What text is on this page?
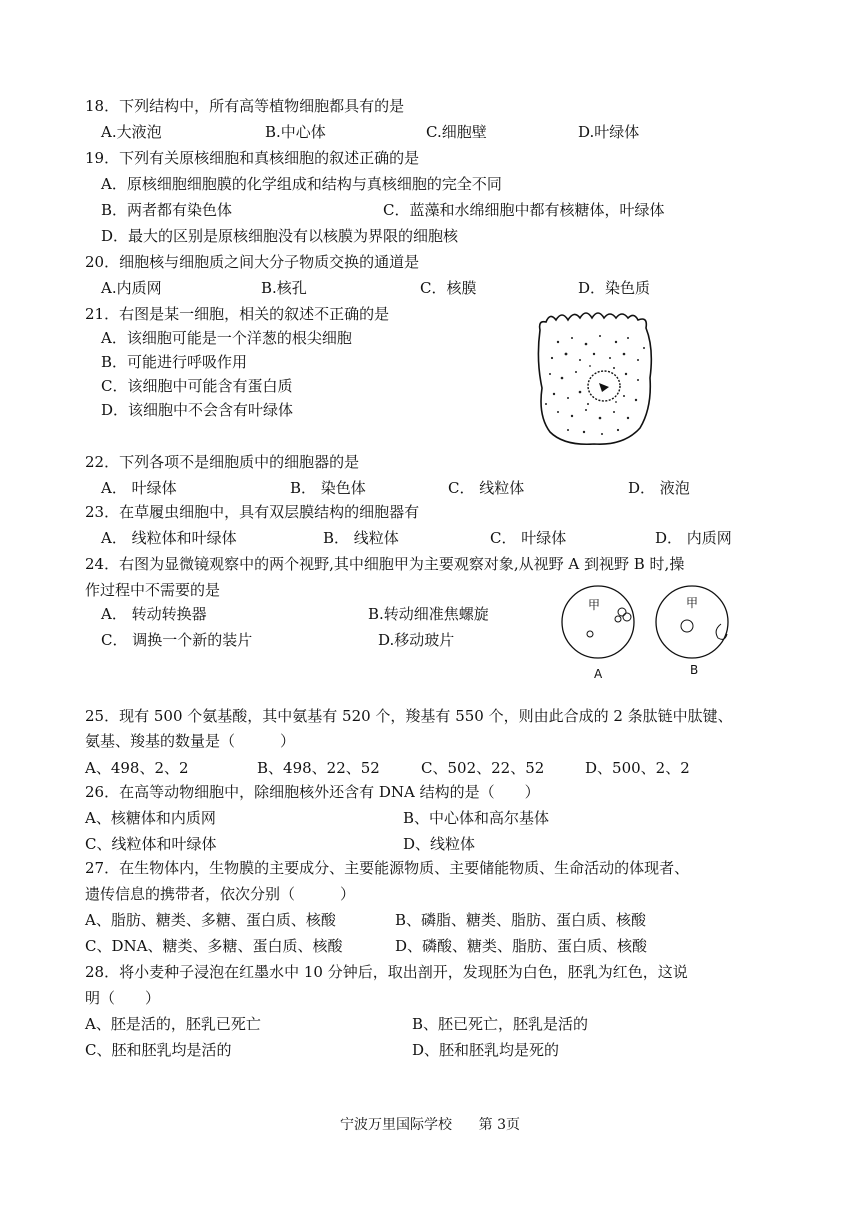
18．下列结构中，所有高等植物细胞都具有的是
A.大液泡	B.中心体	C.细胞壁	D.叶绿体
19．下列有关原核细胞和真核细胞的叙述正确的是
A．原核细胞细胞膜的化学组成和结构与真核细胞的完全不同
B．两者都有染色体	C．蓝藻和水绵细胞中都有核糖体，叶绿体
D．最大的区别是原核细胞没有以核膜为界限的细胞核
20．细胞核与细胞质之间大分子物质交换的通道是
A.内质网	B.核孔	C．核膜	D．染色质
21．右图是某一细胞，相关的叙述不正确的是
A．该细胞可能是一个洋葱的根尖细胞
B．可能进行呼吸作用
C．该细胞中可能含有蛋白质
D．该细胞中不会含有叶绿体
22．下列各项不是细胞质中的细胞器的是
A． 叶绿体	B． 染色体	C． 线粒体	D． 液泡
23．在草履虫细胞中，具有双层膜结构的细胞器有
A． 线粒体和叶绿体	B． 线粒体	C． 叶绿体	D． 内质网
24．右图为显微镜观察中的两个视野,其中细胞甲为主要观察对象,从视野 A 到视野 B 时,操
作过程中不需要的是
A． 转动转换器	B.转动细准焦螺旋
C． 调换一个新的装片	D.移动玻片
甲	甲
A	B
25．现有 500 个氨基酸，其中氨基有 520 个，羧基有 550 个，则由此合成的 2 条肽链中肽键、
氨基、羧基的数量是（　　　）
A、498、2、2	B、498、22、52	C、502、22、52	D、500、2、2
26．在高等动物细胞中，除细胞核外还含有 DNA 结构的是（　　）
A、核糖体和内质网	B、中心体和高尔基体
C、线粒体和叶绿体	D、线粒体
27．在生物体内，生物膜的主要成分、主要能源物质、主要储能物质、生命活动的体现者、
遗传信息的携带者，依次分别（　　　）
A、脂肪、糖类、多糖、蛋白质、核酸	B、磷脂、糖类、脂肪、蛋白质、核酸
C、DNA、糖类、多糖、蛋白质、核酸	D、磷酸、糖类、脂肪、蛋白质、核酸
28．将小麦种子浸泡在红墨水中 10 分钟后，取出剖开，发现胚为白色，胚乳为红色，这说
明（　　）
A、胚是活的，胚乳已死亡	B、胚已死亡，胚乳是活的
C、胚和胚乳均是活的	D、胚和胚乳均是死的
宁波万里国际学校 第 3页
